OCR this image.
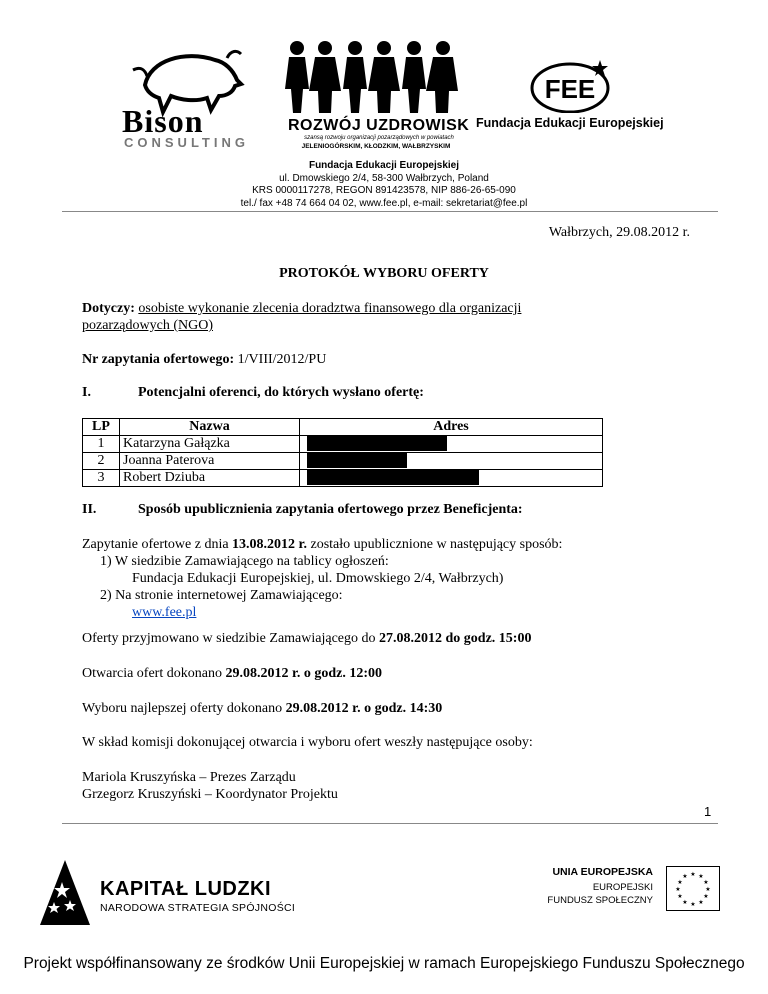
Bison
CONSULTING
ROZWÓJ UZDROWISK
szansą rozwoju organizacji pozarządowych w powiatach
JELENIOGÓRSKIM, KŁODZKIM, WAŁBRZYSKIM
FEE
Fundacja Edukacji Europejskiej
Fundacja Edukacji Europejskiej
ul. Dmowskiego 2/4, 58-300 Wałbrzych, Poland
KRS 0000117278, REGON 891423578, NIP 886-26-65-090
tel./ fax +48 74 664 04 02, www.fee.pl, e-mail: sekretariat@fee.pl
Wałbrzych, 29.08.2012 r.
PROTOKÓŁ WYBORU OFERTY
Dotyczy: osobiste wykonanie zlecenia doradztwa finansowego dla organizacji
pozarządowych (NGO)
Nr zapytania ofertowego: 1/VIII/2012/PU
I.	Potencjalni oferenci, do których wysłano ofertę:
LP	Nazwa	Adres
1	Katarzyna Gałązka	
2	Joanna Paterova	
3	Robert Dziuba	
II.	Sposób upublicznienia zapytania ofertowego przez Beneficjenta:
Zapytanie ofertowe z dnia 13.08.2012 r. zostało upublicznione w następujący sposób:
1) W siedzibie Zamawiającego na tablicy ogłoszeń:
Fundacja Edukacji Europejskiej, ul. Dmowskiego 2/4, Wałbrzych)
2) Na stronie internetowej Zamawiającego:
www.fee.pl
Oferty przyjmowano w siedzibie Zamawiającego do 27.08.2012 do godz. 15:00
Otwarcia ofert dokonano 29.08.2012 r. o godz. 12:00
Wyboru najlepszej oferty dokonano 29.08.2012 r. o godz. 14:30
W skład komisji dokonującej otwarcia i wyboru ofert weszły następujące osoby:
Mariola Kruszyńska – Prezes Zarządu
Grzegorz Kruszyński – Koordynator Projektu
1
KAPITAŁ LUDZKI
NARODOWA STRATEGIA SPÓJNOŚCI
UNIA EUROPEJSKA
EUROPEJSKI
FUNDUSZ SPOŁECZNY
★ ★
★
★
★
★
★
★
★
★
★
★
Projekt współfinansowany ze środków Unii Europejskiej w ramach Europejskiego Funduszu Społecznego
